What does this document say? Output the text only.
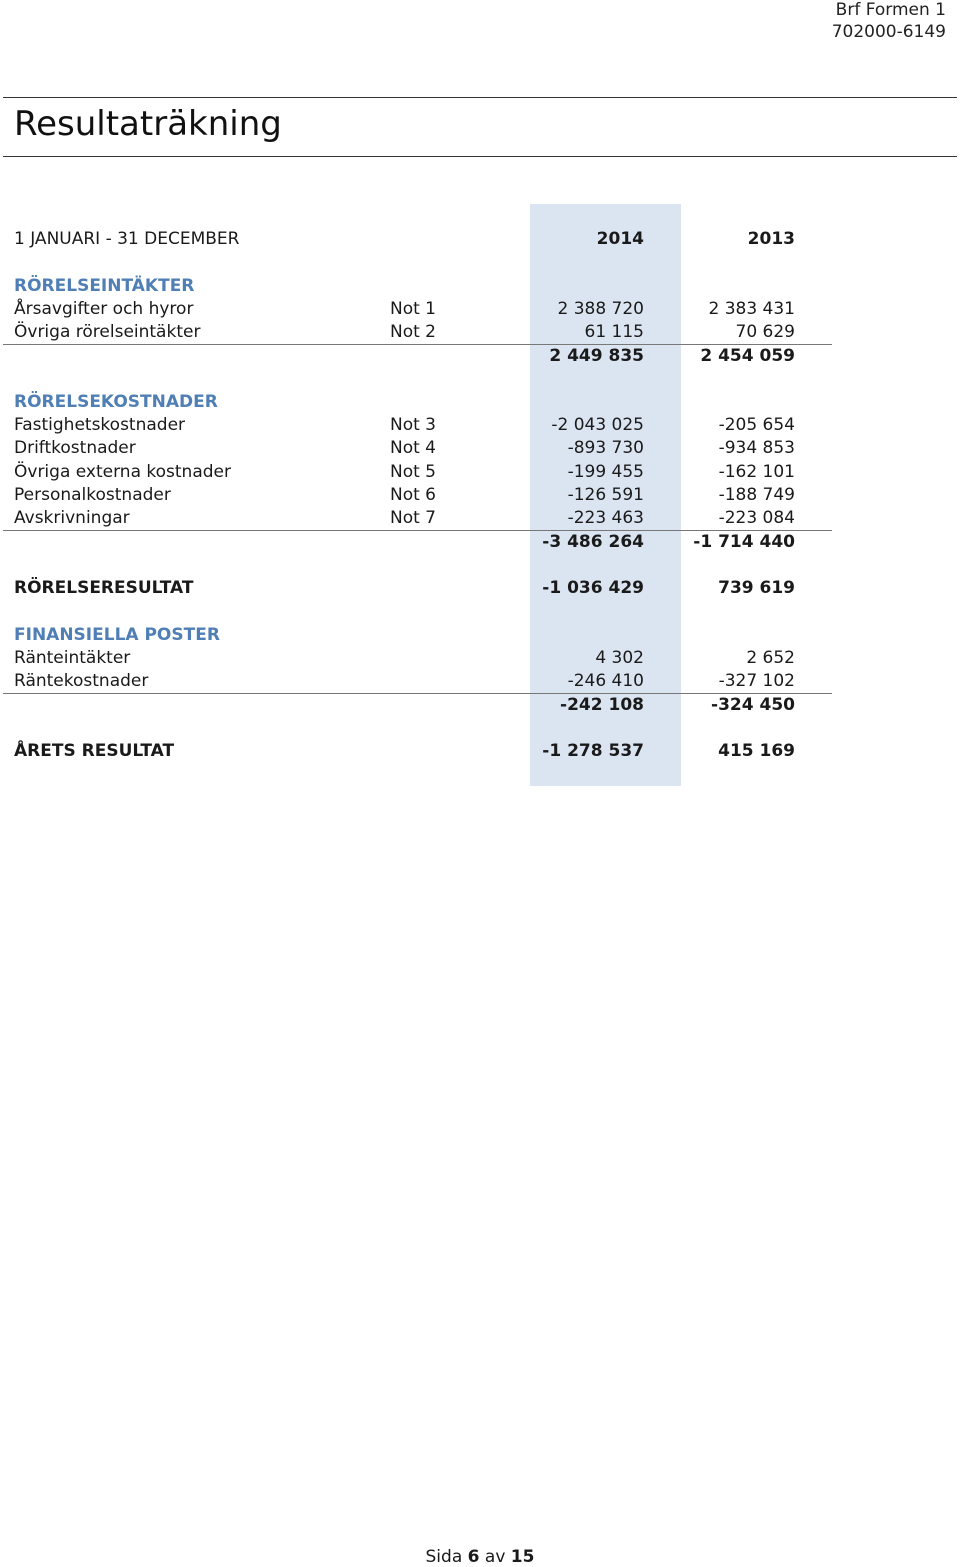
Brf Formen 1
702000-6149
Resultaträkning
1 JANUARI - 31 DECEMBER	2014	2013
RÖRELSEINTÄKTER
Årsavgifter och hyror	Not 1	2 388 720	2 383 431
Övriga rörelseintäkter	Not 2	61 115	70 629
2 449 835	2 454 059
RÖRELSEKOSTNADER
Fastighetskostnader	Not 3	-2 043 025	-205 654
Driftkostnader	Not 4	-893 730	-934 853
Övriga externa kostnader	Not 5	-199 455	-162 101
Personalkostnader	Not 6	-126 591	-188 749
Avskrivningar	Not 7	-223 463	-223 084
-3 486 264	-1 714 440
RÖRELSERESULTAT	-1 036 429	739 619
FINANSIELLA POSTER
Ränteintäkter	4 302	2 652
Räntekostnader	-246 410	-327 102
-242 108	-324 450
ÅRETS RESULTAT	-1 278 537	415 169
Sida 6 av 15
